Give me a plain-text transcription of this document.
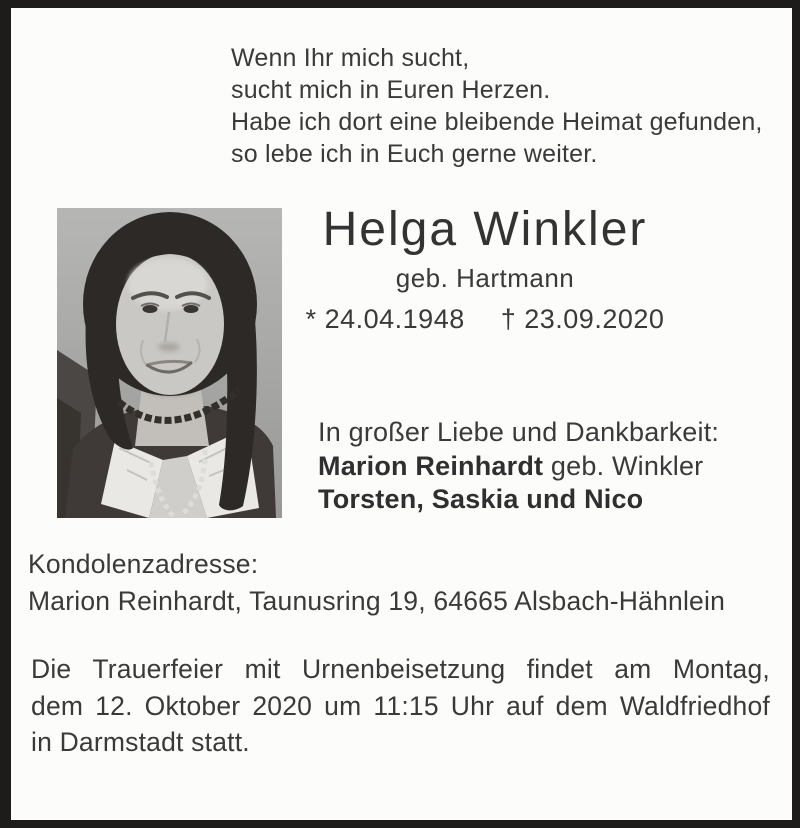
Wenn Ihr mich sucht,
sucht mich in Euren Herzen.
Habe ich dort eine bleibende Heimat gefunden,
so lebe ich in Euch gerne weiter.
Helga Winkler
geb. Hartmann
* 24.04.1948 † 23.09.2020
In großer Liebe und Dankbarkeit:
Marion Reinhardt geb. Winkler
Torsten, Saskia und Nico
Kondolenzadresse:
Marion Reinhardt, Taunusring 19, 64665 Alsbach-Hähnlein
Die Trauerfeier mit Urnenbeisetzung findet am Montag,
dem 12. Oktober 2020 um 11:15 Uhr auf dem Waldfriedhof
in Darmstadt statt.
